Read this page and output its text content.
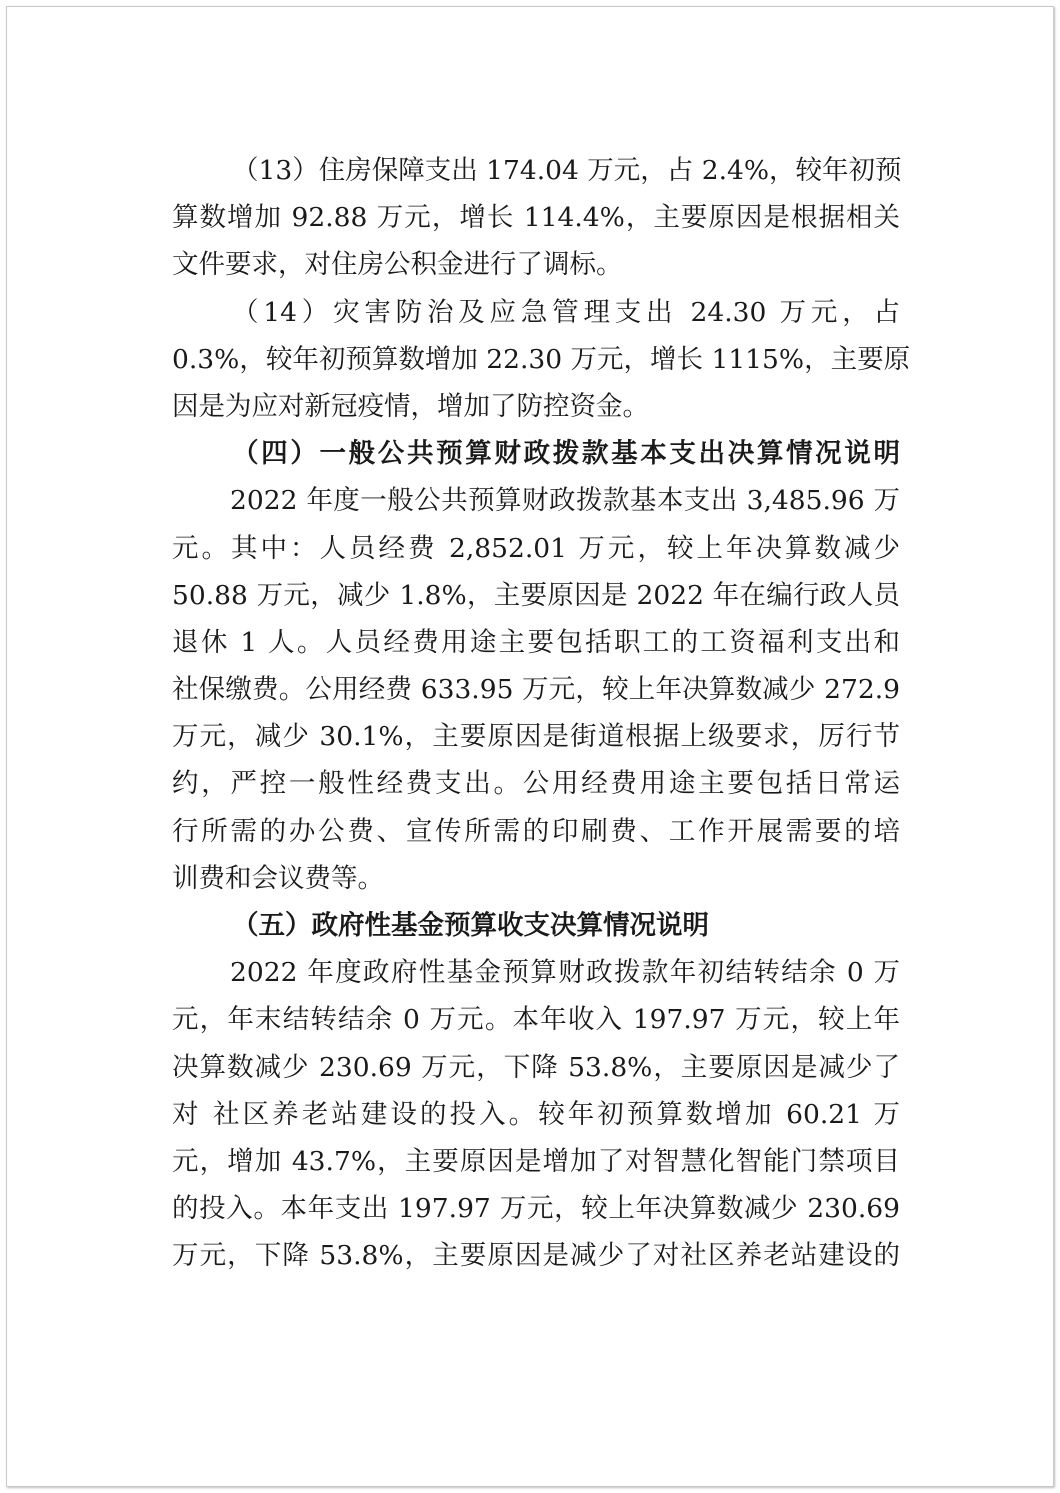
（13）住房保障支出 174.04 万元，占 2.4%，较年初预
算数增加 92.88 万元，增长 114.4%，主要原因是根据相关
文件要求，对住房公积金进行了调标。
（14）灾害防治及应急管理支出 24.30 万元，占
0.3%，较年初预算数增加 22.30 万元，增长 1115%，主要原
因是为应对新冠疫情，增加了防控资金。
（四）一般公共预算财政拨款基本支出决算情况说明
2022 年度一般公共预算财政拨款基本支出 3,485.96 万
元。其中：人员经费 2,852.01 万元，较上年决算数减少
50.88 万元，减少 1.8%，主要原因是 2022 年在编行政人员
退休 1 人。人员经费用途主要包括职工的工资福利支出和
社保缴费。公用经费 633.95 万元，较上年决算数减少 272.9
万元，减少 30.1%，主要原因是街道根据上级要求，厉行节
约，严控一般性经费支出。公用经费用途主要包括日常运
行所需的办公费、宣传所需的印刷费、工作开展需要的培
训费和会议费等。
（五）政府性基金预算收支决算情况说明
2022 年度政府性基金预算财政拨款年初结转结余 0 万
元，年末结转结余 0 万元。本年收入 197.97 万元，较上年
决算数减少 230.69 万元，下降 53.8%，主要原因是减少了
对 社区养老站建设的投入。较年初预算数增加 60.21 万
元，增加 43.7%，主要原因是增加了对智慧化智能门禁项目
的投入。本年支出 197.97 万元，较上年决算数减少 230.69
万元，下降 53.8%，主要原因是减少了对社区养老站建设的
